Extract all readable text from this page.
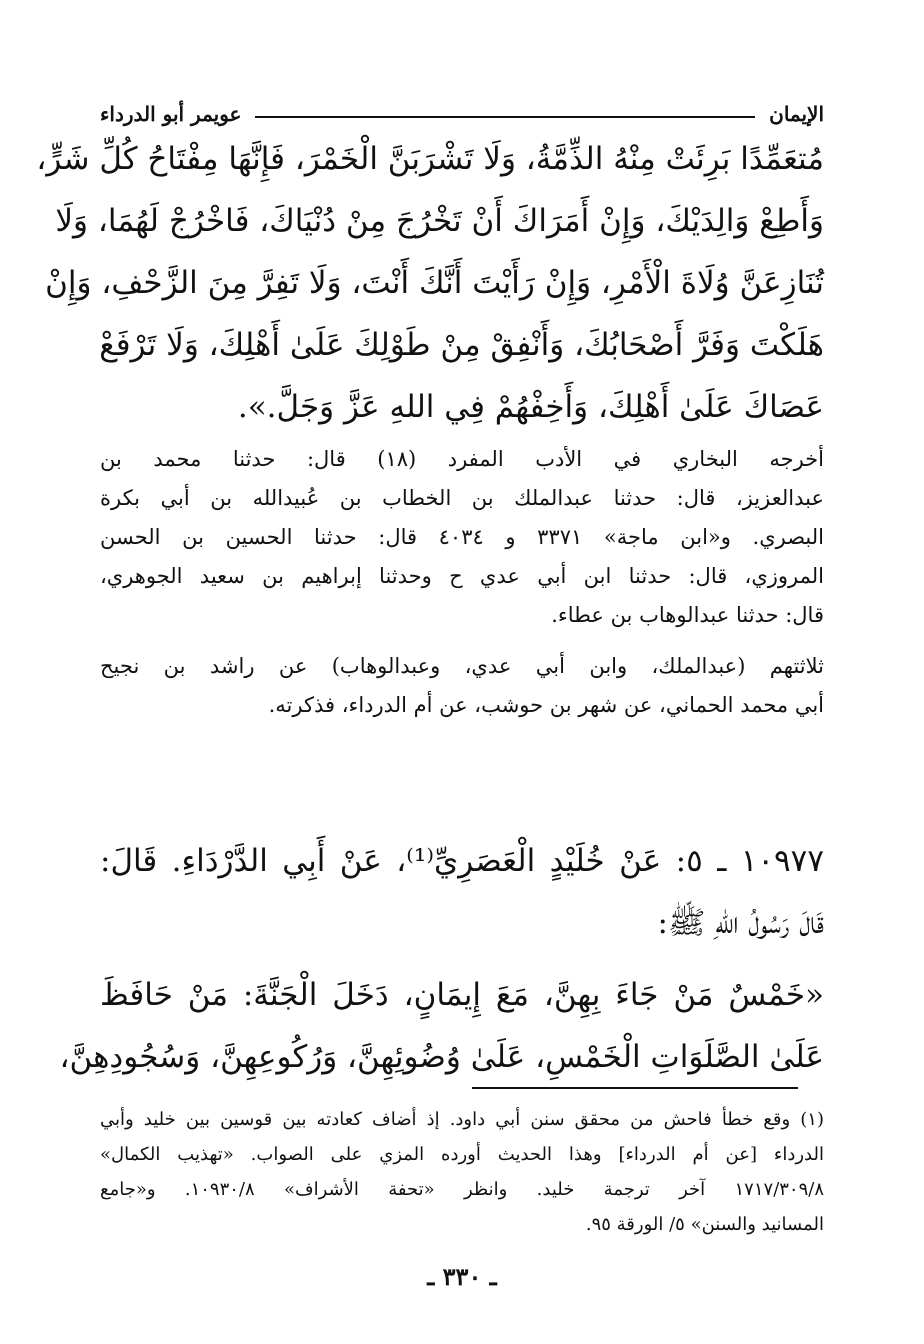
الإيمان
عويمر أبو الدرداء
مُتعَمِّدًا بَرِئَتْ مِنْهُ الذِّمَّةُ، وَلَا تَشْرَبَنَّ الْخَمْرَ، فَإِنَّهَا مِفْتَاحُ كُلِّ شَرٍّ،
وَأَطِعْ وَالِدَيْكَ، وَإِنْ أَمَرَاكَ أَنْ تَخْرُجَ مِنْ دُنْيَاكَ، فَاخْرُجْ لَهُمَا، وَلَا
تُنَازِعَنَّ وُلَاةَ الْأَمْرِ، وَإِنْ رَأَيْتَ أَنَّكَ أَنْتَ، وَلَا تَفِرَّ مِنَ الزَّحْفِ، وَإِنْ
هَلَكْتَ وَفَرَّ أَصْحَابُكَ، وَأَنْفِقْ مِنْ طَوْلِكَ عَلَىٰ أَهْلِكَ، وَلَا تَرْفَعْ
عَصَاكَ عَلَىٰ أَهْلِكَ، وَأَخِفْهُمْ فِي اللهِ عَزَّ وَجَلَّ.».
أخرجه البخاري في الأدب المفرد (١٨) قال: حدثنا محمد بن
عبدالعزيز، قال: حدثنا عبدالملك بن الخطاب بن عُبيدالله بن أبي بكرة
البصري. و«ابن ماجة» ٣٣٧١ و ٤٠٣٤ قال: حدثنا الحسين بن الحسن
المروزي، قال: حدثنا ابن أبي عدي ح وحدثنا إبراهيم بن سعيد الجوهري،
قال: حدثنا عبدالوهاب بن عطاء.
ثلاثتهم (عبدالملك، وابن أبي عدي، وعبدالوهاب) عن راشد بن نجيح
أبي محمد الحماني، عن شهر بن حوشب، عن أم الدرداء، فذكرته.
١٠٩٧٧ ـ ٥: عَنْ خُلَيْدٍ الْعَصَرِيِّ⁽¹⁾، عَنْ أَبِي الدَّرْدَاءِ. قَالَ:
قَالَ رَسُولُ اللهِ ﷺ:
«خَمْسٌ مَنْ جَاءَ بِهِنَّ، مَعَ إِيمَانٍ، دَخَلَ الْجَنَّةَ: مَنْ حَافَظَ
عَلَىٰ الصَّلَوَاتِ الْخَمْسِ، عَلَىٰ وُضُوئِهِنَّ، وَرُكُوعِهِنَّ، وَسُجُودِهِنَّ،
(١) وقع خطأ فاحش من محقق سنن أبي داود. إذ أضاف كعادته بين قوسين بين خليد وأبي
الدرداء [عن أم الدرداء] وهذا الحديث أورده المزي على الصواب. «تهذيب الكمال»
١٧١٧/٣٠٩/٨ آخر ترجمة خليد. وانظر «تحفة الأشراف» ١٠٩٣٠/٨. و«جامع
المسانيد والسنن» ٥/ الورقة ٩٥.
ـ ٣٣٠ ـ
